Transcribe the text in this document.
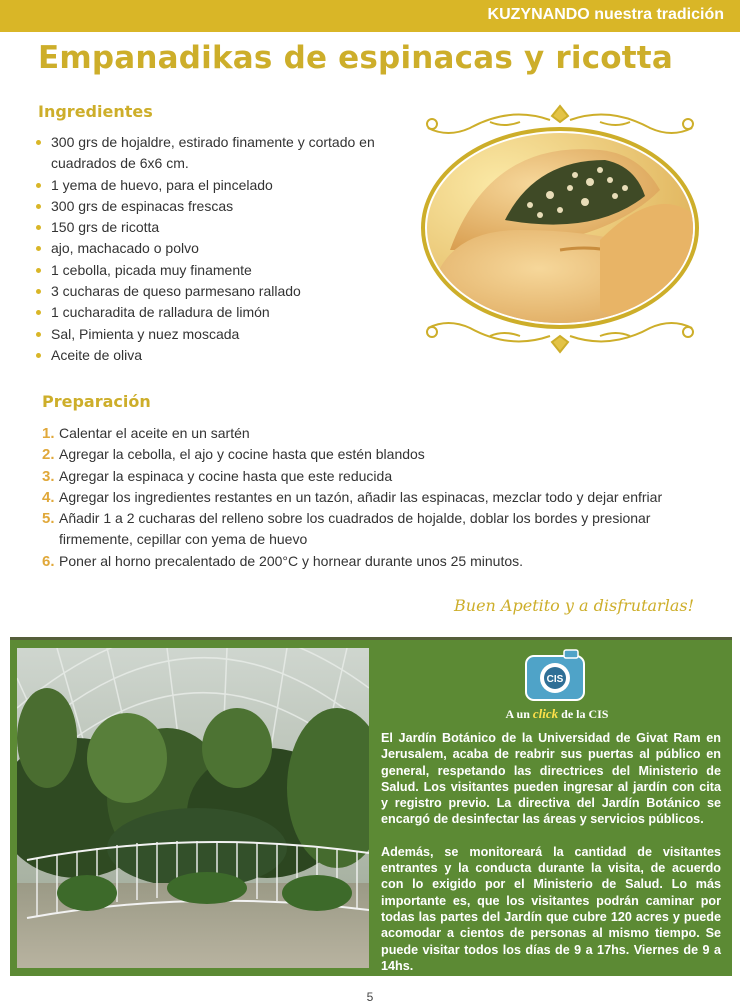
KUZYNANDO nuestra tradición
Empanadikas de espinacas y ricotta
Ingredientes
300 grs de hojaldre, estirado finamente y cortado en cuadrados de 6x6 cm.
1 yema de huevo, para el pincelado
300 grs de espinacas frescas
150 grs de ricotta
ajo, machacado o polvo
1 cebolla, picada muy finamente
3 cucharas de queso parmesano rallado
1 cucharadita de ralladura de limón
Sal, Pimienta y nuez moscada
Aceite de oliva
Preparación
1. Calentar el aceite en un sartén
2. Agregar la cebolla, el ajo y cocine hasta que estén blandos
3. Agregar la espinaca y cocine hasta que este reducida
4. Agregar los ingredientes restantes en un tazón, añadir las espinacas, mezclar todo y dejar enfriar
5. Añadir 1 a 2 cucharas del relleno sobre los cuadrados de hojalde, doblar los bordes y presionar firmemente, cepillar con yema de huevo
6. Poner al horno precalentado de 200°C y hornear durante unos 25 minutos.
Buen Apetito y a disfrutarlas!
CIS
A un click de la CIS

El Jardín Botánico de la Universidad de Givat Ram en Jerusalem, acaba de reabrir sus puertas al público en general, respetando las directrices del Ministerio de Salud. Los visitantes pueden ingresar al jardín con cita y registro previo. La directiva del Jardín Botánico se encargó de desinfectar las áreas y servicios públicos.

Además, se monitoreará la cantidad de visitantes entrantes y la conducta durante la visita, de acuerdo con lo exigido por el Ministerio de Salud. Lo más importante es, que los visitantes podrán caminar por todas las partes del Jardín que cubre 120 acres y puede acomodar a cientos de personas al mismo tiempo. Se puede visitar todos los días de 9 a 17hs. Viernes de 9 a 14hs.

5
